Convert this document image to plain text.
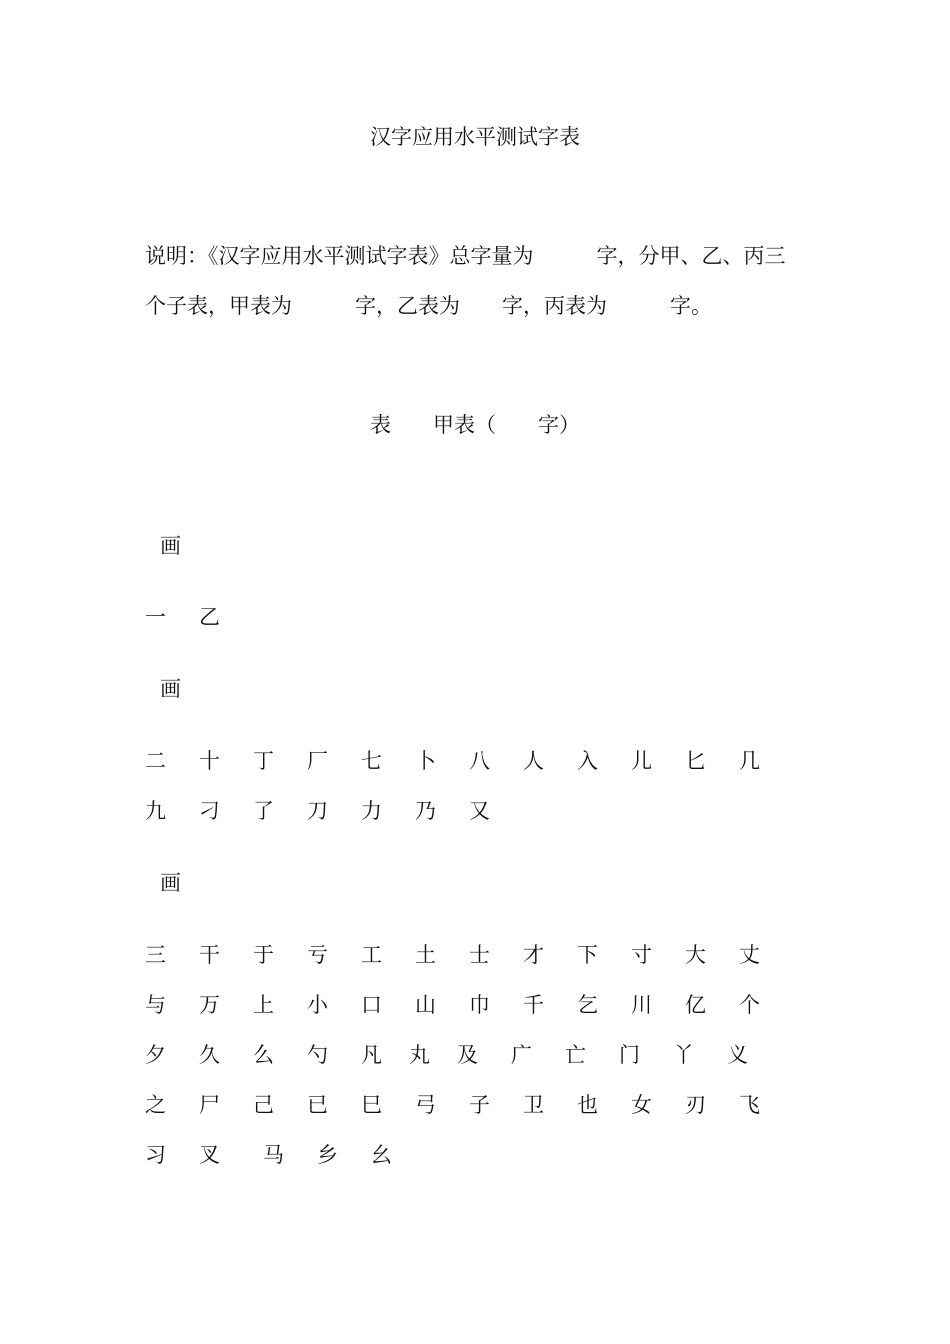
汉字应用水平测试字表
说明：《汉字应用水平测试字表》总字量为　　　字，分甲、乙、丙三
个子表，甲表为　　　字，乙表为　　字，丙表为　　　字。
表　　甲表（　　字）
画
一	乙
画
二	十	丁	厂	七	卜	八	人	入	儿	匕	几
九	刁	了	刀	力	乃	又
画
三	干	于	亏	工	土	士	才	下	寸	大	丈
与	万	上	小	口	山	巾	千	乞	川	亿	个
夕	久	么	勺	凡	丸	及	广	亡	门	丫	义
之	尸	己	已	巳	弓	子	卫	也	女	刃	飞
习	叉	马	乡	幺
